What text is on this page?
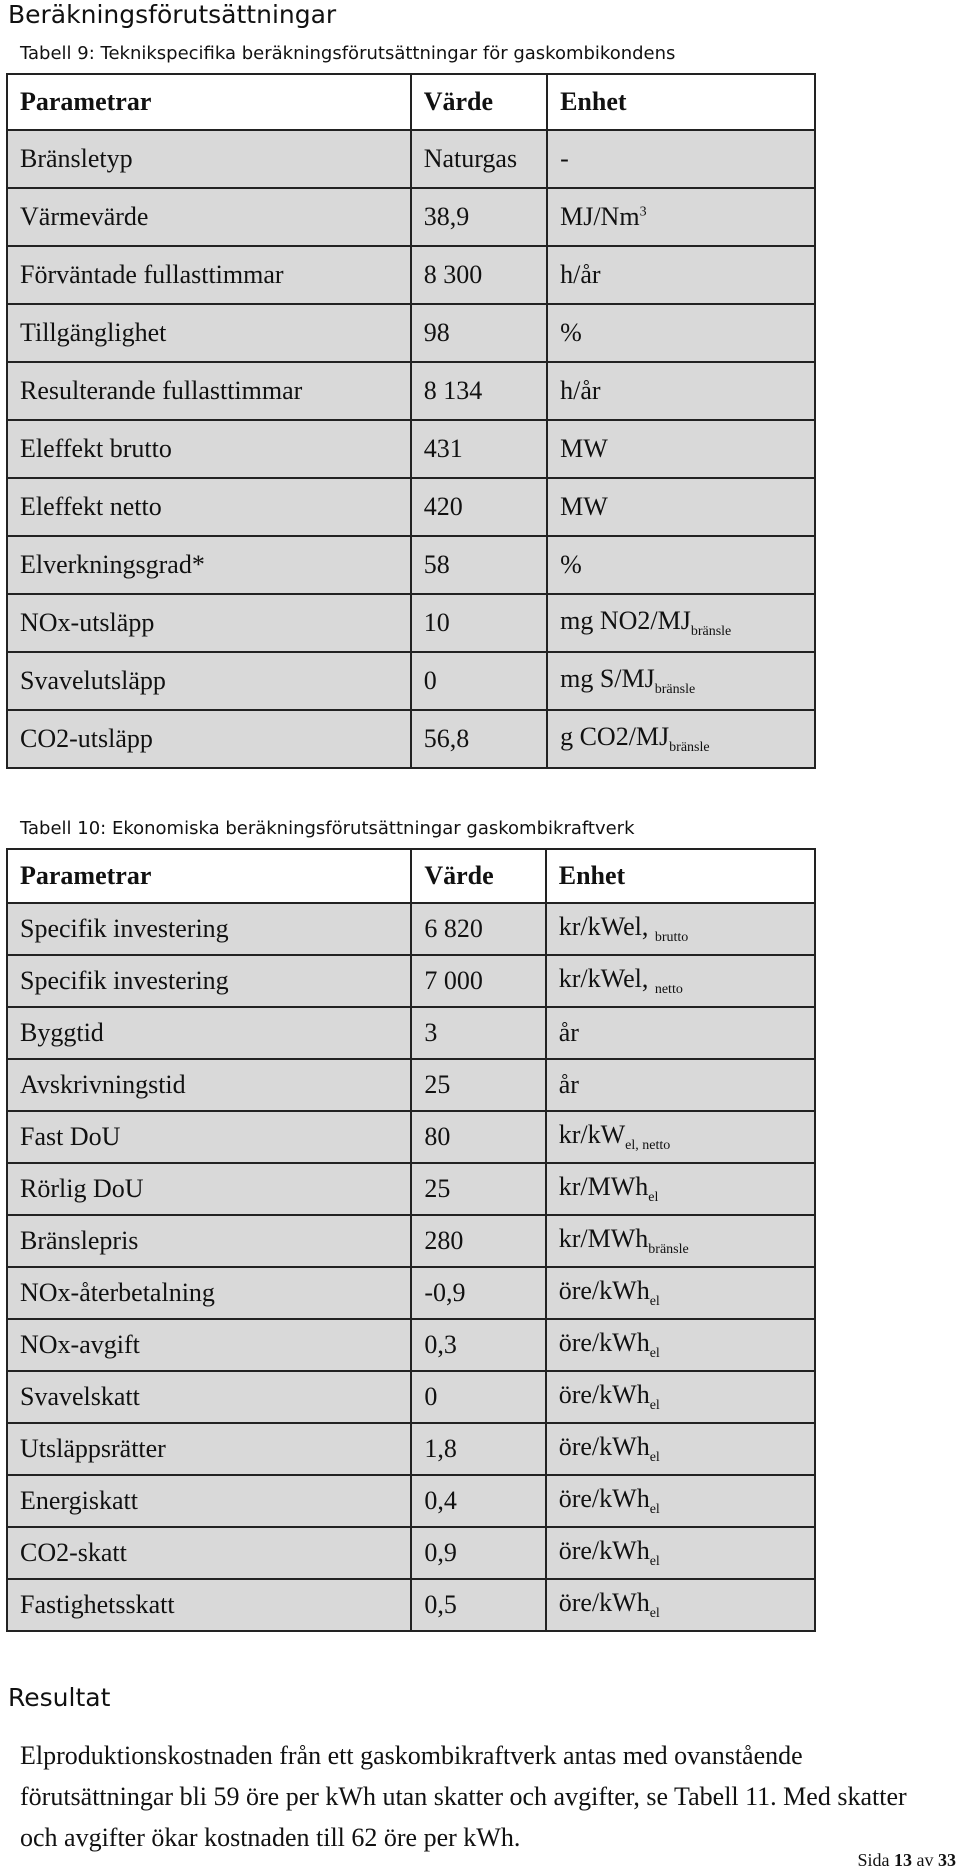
Beräkningsförutsättningar

Tabell 9: Teknikspecifika beräkningsförutsättningar för gaskombikondens

Parametrar	Värde	Enhet
Bränsletyp	Naturgas	-
Värmevärde	38,9	MJ/Nm$^3$
Förväntade fullasttimmar	8 300	h/år
Tillgänglighet	98	%
Resulterande fullasttimmar	8 134	h/år
Eleffekt brutto	431	MW
Eleffekt netto	420	MW
Elverkningsgrad*	58	%
NOx-utsläpp	10	mg $NO2/MJ_{bränsle}$
Svavelutsläpp	0	mg $S/MJ_{bränsle}$
CO2-utsläpp	56,8	g $CO2/MJ_{bränsle}$

Tabell 10: Ekonomiska beräkningsförutsättningar gaskombikraftverk

Parametrar	Värde	Enhet
Specifik investering	6 820	kr/kWel, $_{brutto}$
Specifik investering	7 000	kr/kWel, $_{netto}$
Byggtid	3	år
Avskrivningstid	25	år
Fast DoU	80	$kr/kW_{el, netto}$
Rörlig DoU	25	kr/MWh$_{el}$
Bränslepris	280	kr/MWh$_{bränsle}$
NOx-återbetalning	-0,9	öre/kWh$_{el}$
NOx-avgift	0,3	öre/kWh$_{el}$
Svavelskatt	0	öre/kWh$_{el}$
Utsläppsrätter	1,8	öre/kWh$_{el}$
Energiskatt	0,4	öre/kWh$_{el}$
CO2-skatt	0,9	öre/kWh$_{el}$
Fastighetsskatt	0,5	öre/kWh$_{el}$
Resultat

Elproduktionskostnaden från ett gaskombikraftverk antas med ovanstående förutsättningar bli 59 öre per kWh utan skatter och avgifter, se Tabell 11. Med skatter och avgifter ökar kostnaden till 62 öre per kWh.

Sida 13 av 33
